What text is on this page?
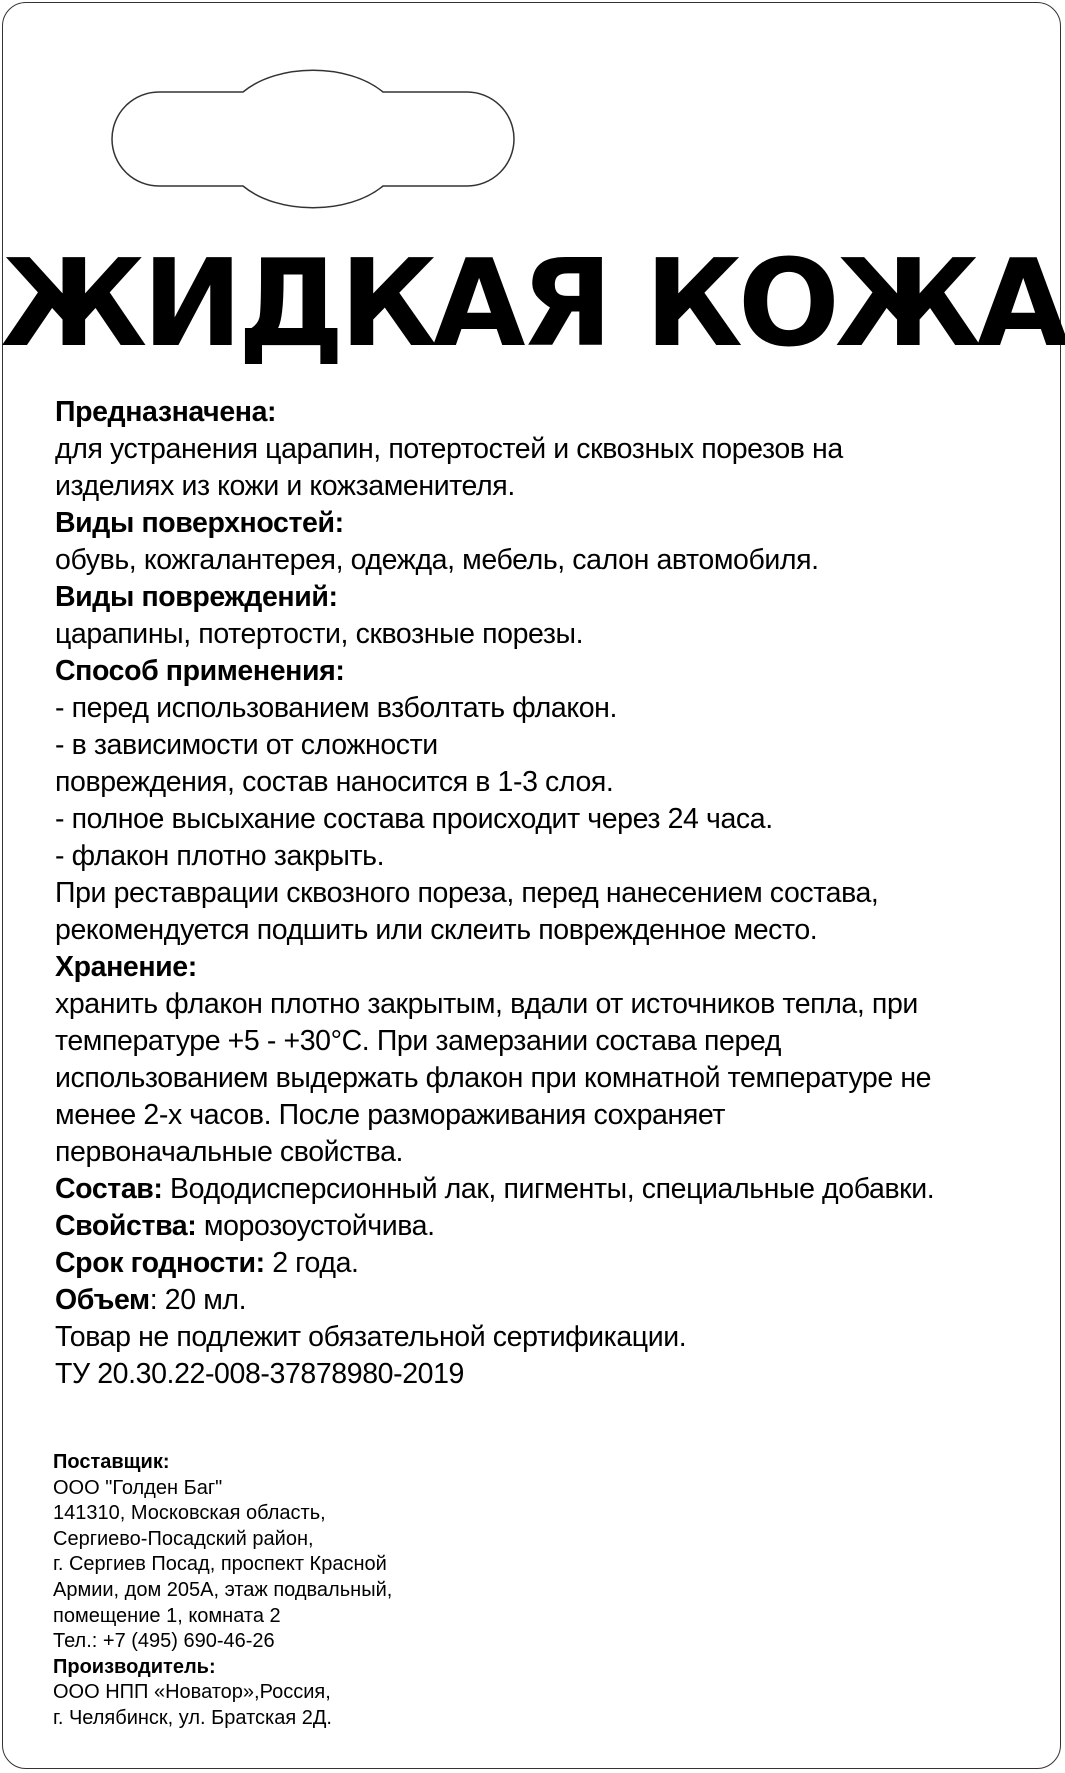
ЖИДКАЯ КОЖА
Предназначена:
для устранения царапин, потертостей и сквозных порезов на
изделиях из кожи и кожзаменителя.
Виды поверхностей:
обувь, кожгалантерея, одежда, мебель, салон автомобиля.
Виды повреждений:
царапины, потертости, сквозные порезы.
Способ применения:
- перед использованием взболтать флакон.
- в зависимости от сложности
повреждения, состав наносится в 1-3 слоя.
- полное высыхание состава происходит через 24 часа.
- флакон плотно закрыть.
При реставрации сквозного пореза, перед нанесением состава,
рекомендуется подшить или склеить поврежденное место.
Хранение:
хранить флакон плотно закрытым, вдали от источников тепла, при
температуре +5 - +30°С. При замерзании состава перед
использованием выдержать флакон при комнатной температуре не
менее 2-х часов. После размораживания сохраняет
первоначальные свойства.
Состав: Вододисперсионный лак, пигменты, специальные добавки.
Свойства: морозоустойчива.
Срок годности: 2 года.
Объем: 20 мл.
Товар не подлежит обязательной сертификации.
ТУ 20.30.22-008-37878980-2019
Поставщик:
ООО "Голден Баг"
141310, Московская область,
Сергиево-Посадский район,
г. Сергиев Посад, проспект Красной
Армии, дом 205А, этаж подвальный,
помещение 1, комната 2
Тел.: +7 (495) 690-46-26
Производитель:
ООО НПП «Новатор»,Россия,
г. Челябинск, ул. Братская 2Д.
